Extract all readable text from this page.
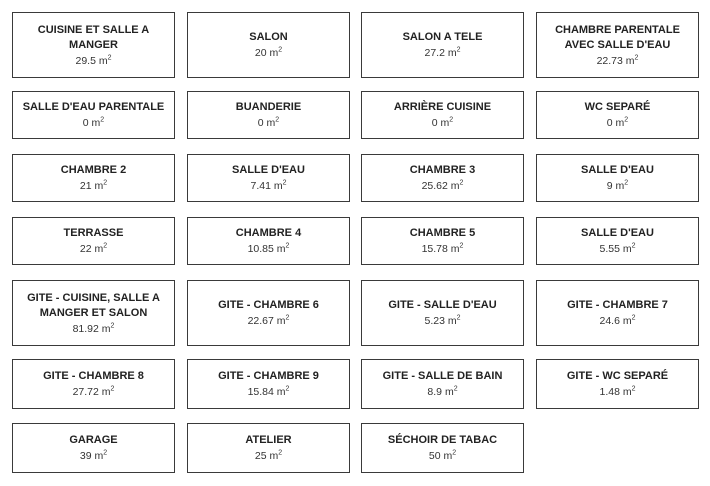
CUISINE ET SALLE A MANGER
29.5 $m^2$
SALON
20 $m^2$
SALON A TELE
27.2 $m^2$
CHAMBRE PARENTALE AVEC SALLE D'EAU
22.73 $m^2$
SALLE D'EAU PARENTALE
0 $m^2$
BUANDERIE
0 $m^2$
ARRIÈRE CUISINE
0 $m^2$
WC SEPARÉ
0 $m^2$
CHAMBRE 2
21 $m^2$
SALLE D'EAU
7.41 $m^2$
CHAMBRE 3
25.62 $m^2$
SALLE D'EAU
9 $m^2$
TERRASSE
22 $m^2$
CHAMBRE 4
10.85 $m^2$
CHAMBRE 5
15.78 $m^2$
SALLE D'EAU
5.55 $m^2$
GITE - CUISINE, SALLE A MANGER ET SALON
81.92 $m^2$
GITE - CHAMBRE 6
22.67 $m^2$
GITE - SALLE D'EAU
5.23 $m^2$
GITE - CHAMBRE 7
24.6 $m^2$
GITE - CHAMBRE 8
27.72 $m^2$
GITE - CHAMBRE 9
15.84 $m^2$
GITE - SALLE DE BAIN
8.9 $m^2$
GITE - WC SEPARÉ
1.48 $m^2$
GARAGE
39 $m^2$
ATELIER
25 $m^2$
SÉCHOIR DE TABAC
50 $m^2$
